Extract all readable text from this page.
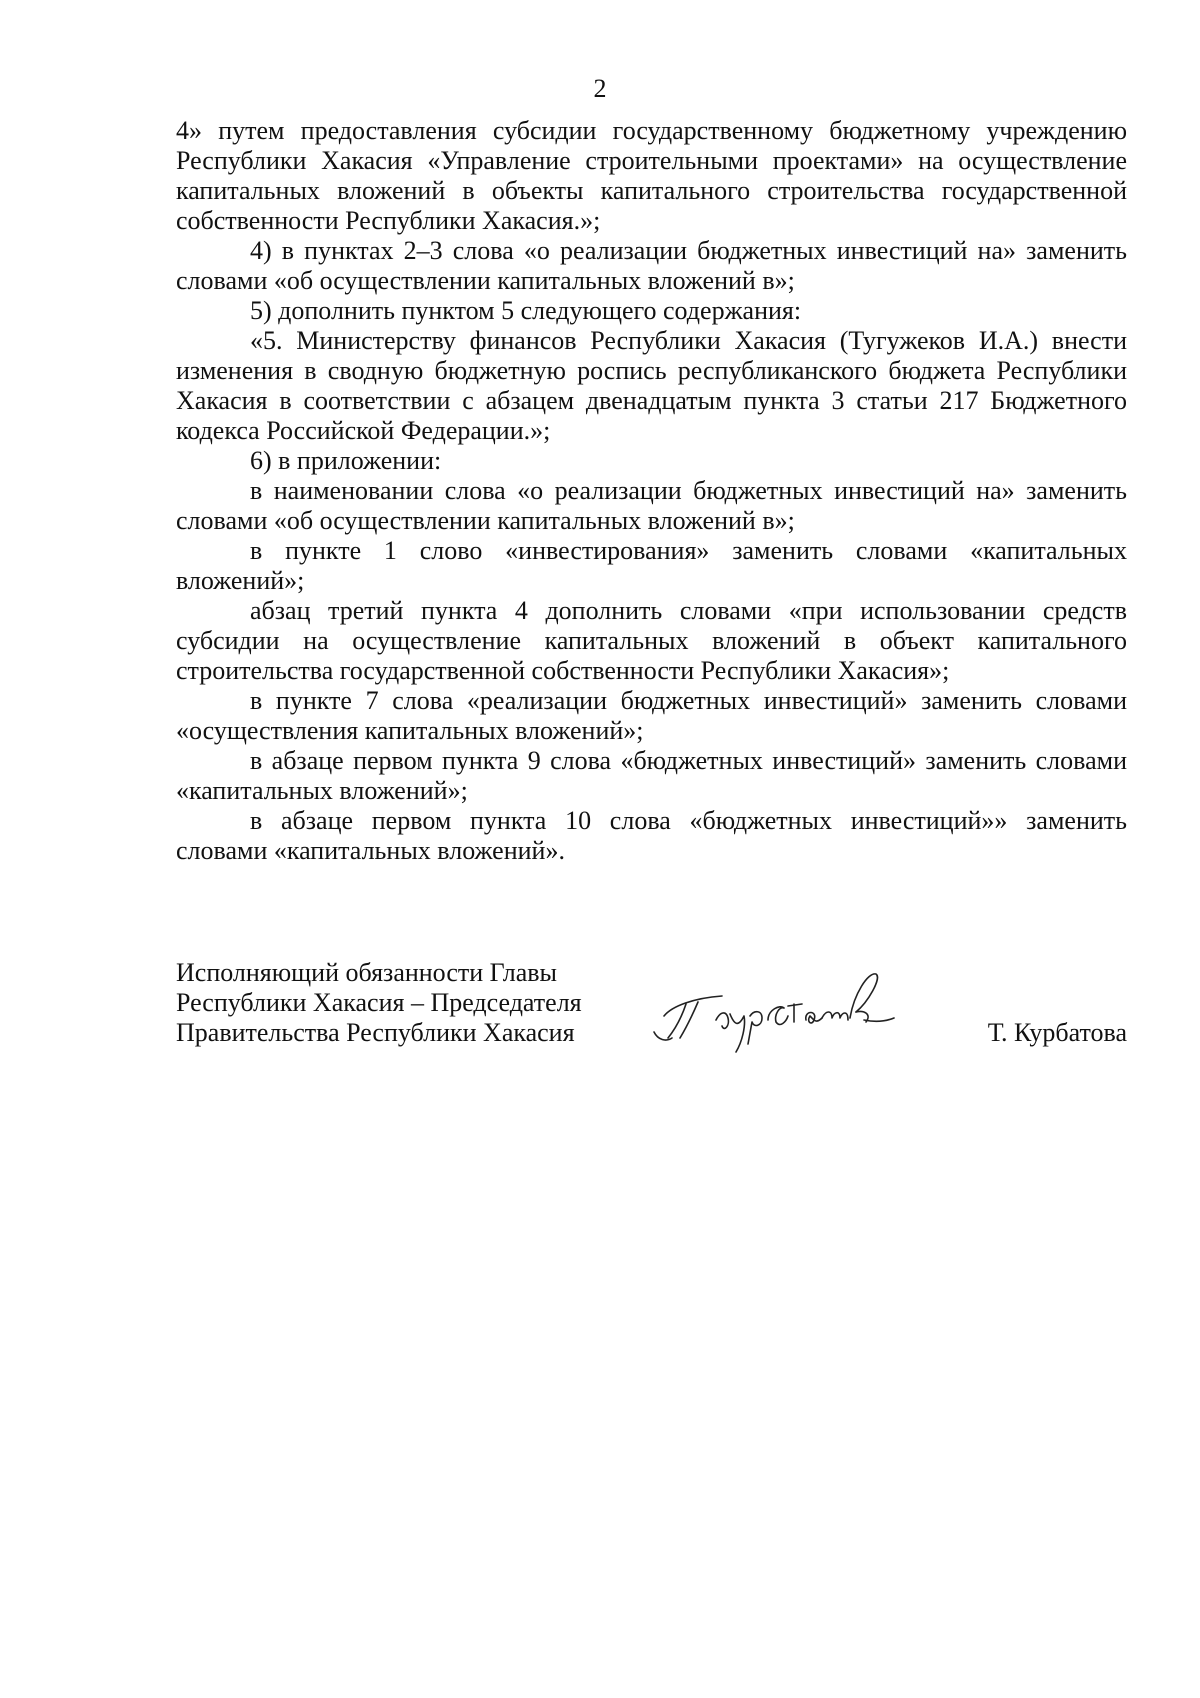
2

4» путем предоставления субсидии государственному бюджетному учреждению Республики Хакасия «Управление строительными проектами» на осуществление капитальных вложений в объекты капитального строительства государственной собственности Республики Хакасия.»;

4) в пунктах 2–3 слова «о реализации бюджетных инвестиций на» заменить словами «об осуществлении капитальных вложений в»;

5) дополнить пунктом 5 следующего содержания:

«5. Министерству финансов Республики Хакасия (Тугужеков И.А.) внести изменения в сводную бюджетную роспись республиканского бюджета Республики Хакасия в соответствии с абзацем двенадцатым пункта 3 статьи 217 Бюджетного кодекса Российской Федерации.»;

6) в приложении:

в наименовании слова «о реализации бюджетных инвестиций на» заменить словами «об осуществлении капитальных вложений в»;

в пункте 1 слово «инвестирования» заменить словами «капитальных вложений»;

абзац третий пункта 4 дополнить словами «при использовании средств субсидии на осуществление капитальных вложений в объект капитального строительства государственной собственности Республики Хакасия»;

в пункте 7 слова «реализации бюджетных инвестиций» заменить словами «осуществления капитальных вложений»;

в абзаце первом пункта 9 слова «бюджетных инвестиций» заменить словами «капитальных вложений»;

в абзаце первом пункта 10 слова «бюджетных инвестиций»» заменить словами «капитальных вложений».

Исполняющий обязанности Главы
Республики Хакасия – Председателя
Правительства Республики Хакасия	Т. Курбатова
